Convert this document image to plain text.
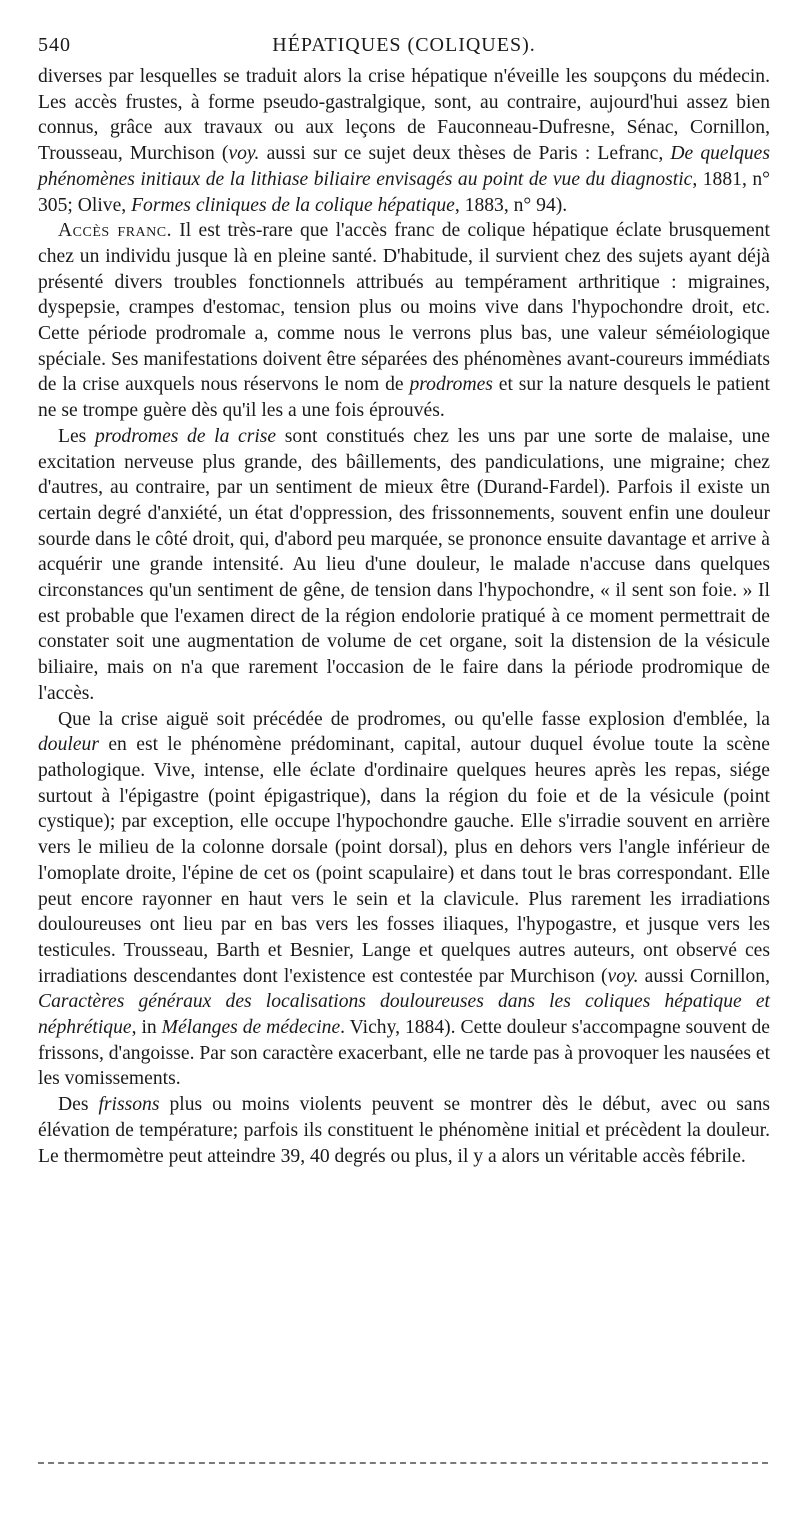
540	HÉPATIQUES (COLIQUES).

diverses par lesquelles se traduit alors la crise hépatique n'éveille les soupçons du médecin. Les accès frustes, à forme pseudo-gastralgique, sont, au contraire, aujourd'hui assez bien connus, grâce aux travaux ou aux leçons de Fauconneau-Dufresne, Sénac, Cornillon, Trousseau, Murchison (voy. aussi sur ce sujet deux thèses de Paris : Lefranc, De quelques phénomènes initiaux de la lithiase biliaire envisagés au point de vue du diagnostic, 1881, n° 305; Olive, Formes cliniques de la colique hépatique, 1883, n° 94).

Accès franc. Il est très-rare que l'accès franc de colique hépatique éclate brusquement chez un individu jusque là en pleine santé. D'habitude, il survient chez des sujets ayant déjà présenté divers troubles fonctionnels attribués au tempérament arthritique : migraines, dyspepsie, crampes d'estomac, tension plus ou moins vive dans l'hypochondre droit, etc. Cette période prodromale a, comme nous le verrons plus bas, une valeur séméiologique spéciale. Ses manifestations doivent être séparées des phénomènes avant-coureurs immédiats de la crise auxquels nous réservons le nom de prodromes et sur la nature desquels le patient ne se trompe guère dès qu'il les a une fois éprouvés.

Les prodromes de la crise sont constitués chez les uns par une sorte de malaise, une excitation nerveuse plus grande, des bâillements, des pandiculations, une migraine; chez d'autres, au contraire, par un sentiment de mieux être (Durand-Fardel). Parfois il existe un certain degré d'anxiété, un état d'oppression, des frissonnements, souvent enfin une douleur sourde dans le côté droit, qui, d'abord peu marquée, se prononce ensuite davantage et arrive à acquérir une grande intensité. Au lieu d'une douleur, le malade n'accuse dans quelques circonstances qu'un sentiment de gêne, de tension dans l'hypochondre, « il sent son foie. » Il est probable que l'examen direct de la région endolorie pratiqué à ce moment permettrait de constater soit une augmentation de volume de cet organe, soit la distension de la vésicule biliaire, mais on n'a que rarement l'occasion de le faire dans la période prodromique de l'accès.

Que la crise aiguë soit précédée de prodromes, ou qu'elle fasse explosion d'emblée, la douleur en est le phénomène prédominant, capital, autour duquel évolue toute la scène pathologique. Vive, intense, elle éclate d'ordinaire quelques heures après les repas, siége surtout à l'épigastre (point épigastrique), dans la région du foie et de la vésicule (point cystique); par exception, elle occupe l'hypochondre gauche. Elle s'irradie souvent en arrière vers le milieu de la colonne dorsale (point dorsal), plus en dehors vers l'angle inférieur de l'omoplate droite, l'épine de cet os (point scapulaire) et dans tout le bras correspondant. Elle peut encore rayonner en haut vers le sein et la clavicule. Plus rarement les irradiations douloureuses ont lieu par en bas vers les fosses iliaques, l'hypogastre, et jusque vers les testicules. Trousseau, Barth et Besnier, Lange et quelques autres auteurs, ont observé ces irradiations descendantes dont l'existence est contestée par Murchison (voy. aussi Cornillon, Caractères généraux des localisations douloureuses dans les coliques hépatique et néphrétique, in Mélanges de médecine. Vichy, 1884). Cette douleur s'accompagne souvent de frissons, d'angoisse. Par son caractère exacerbant, elle ne tarde pas à provoquer les nausées et les vomissements.

Des frissons plus ou moins violents peuvent se montrer dès le début, avec ou sans élévation de température; parfois ils constituent le phénomène initial et précèdent la douleur. Le thermomètre peut atteindre 39, 40 degrés ou plus, il y a alors un véritable accès fébrile.
